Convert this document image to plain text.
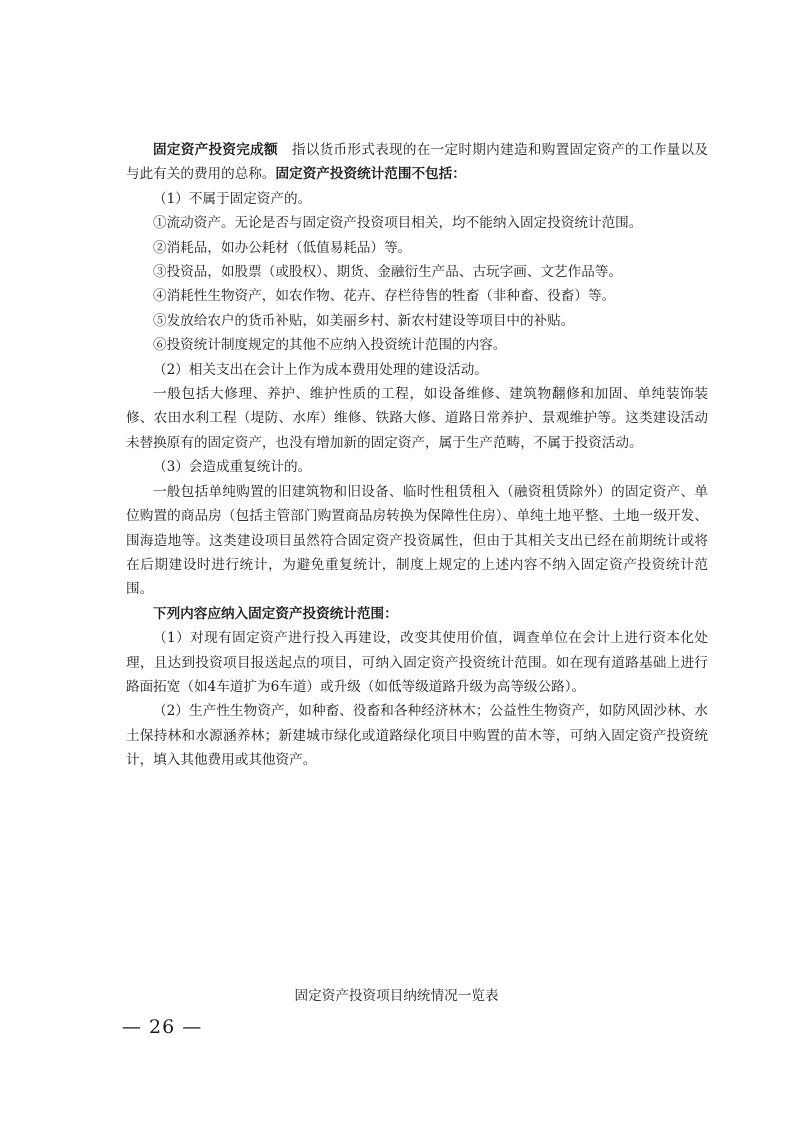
固定资产投资完成额　指以货币形式表现的在一定时期内建造和购置固定资产的工作量以及与此有关的费用的总称。固定资产投资统计范围不包括：

（1）不属于固定资产的。

①流动资产。无论是否与固定资产投资项目相关，均不能纳入固定投资统计范围。

②消耗品，如办公耗材（低值易耗品）等。

③投资品，如股票（或股权）、期货、金融衍生产品、古玩字画、文艺作品等。

④消耗性生物资产，如农作物、花卉、存栏待售的牲畜（非种畜、役畜）等。

⑤发放给农户的货币补贴，如美丽乡村、新农村建设等项目中的补贴。

⑥投资统计制度规定的其他不应纳入投资统计范围的内容。

（2）相关支出在会计上作为成本费用处理的建设活动。

一般包括大修理、养护、维护性质的工程，如设备维修、建筑物翻修和加固、单纯装饰装修、农田水利工程（堤防、水库）维修、铁路大修、道路日常养护、景观维护等。这类建设活动未替换原有的固定资产，也没有增加新的固定资产，属于生产范畴，不属于投资活动。

（3）会造成重复统计的。

一般包括单纯购置的旧建筑物和旧设备、临时性租赁租入（融资租赁除外）的固定资产、单位购置的商品房（包括主管部门购置商品房转换为保障性住房）、单纯土地平整、土地一级开发、围海造地等。这类建设项目虽然符合固定资产投资属性，但由于其相关支出已经在前期统计或将在后期建设时进行统计，为避免重复统计，制度上规定的上述内容不纳入固定资产投资统计范围。

下列内容应纳入固定资产投资统计范围：

（1）对现有固定资产进行投入再建设，改变其使用价值，调查单位在会计上进行资本化处理，且达到投资项目报送起点的项目，可纳入固定资产投资统计范围。如在现有道路基础上进行路面拓宽（如4车道扩为6车道）或升级（如低等级道路升级为高等级公路）。

（2）生产性生物资产，如种畜、役畜和各种经济林木；公益性生物资产，如防风固沙林、水土保持林和水源涵养林；新建城市绿化或道路绿化项目中购置的苗木等，可纳入固定资产投资统计，填入其他费用或其他资产。

固定资产投资项目纳统情况一览表
— 26 —
